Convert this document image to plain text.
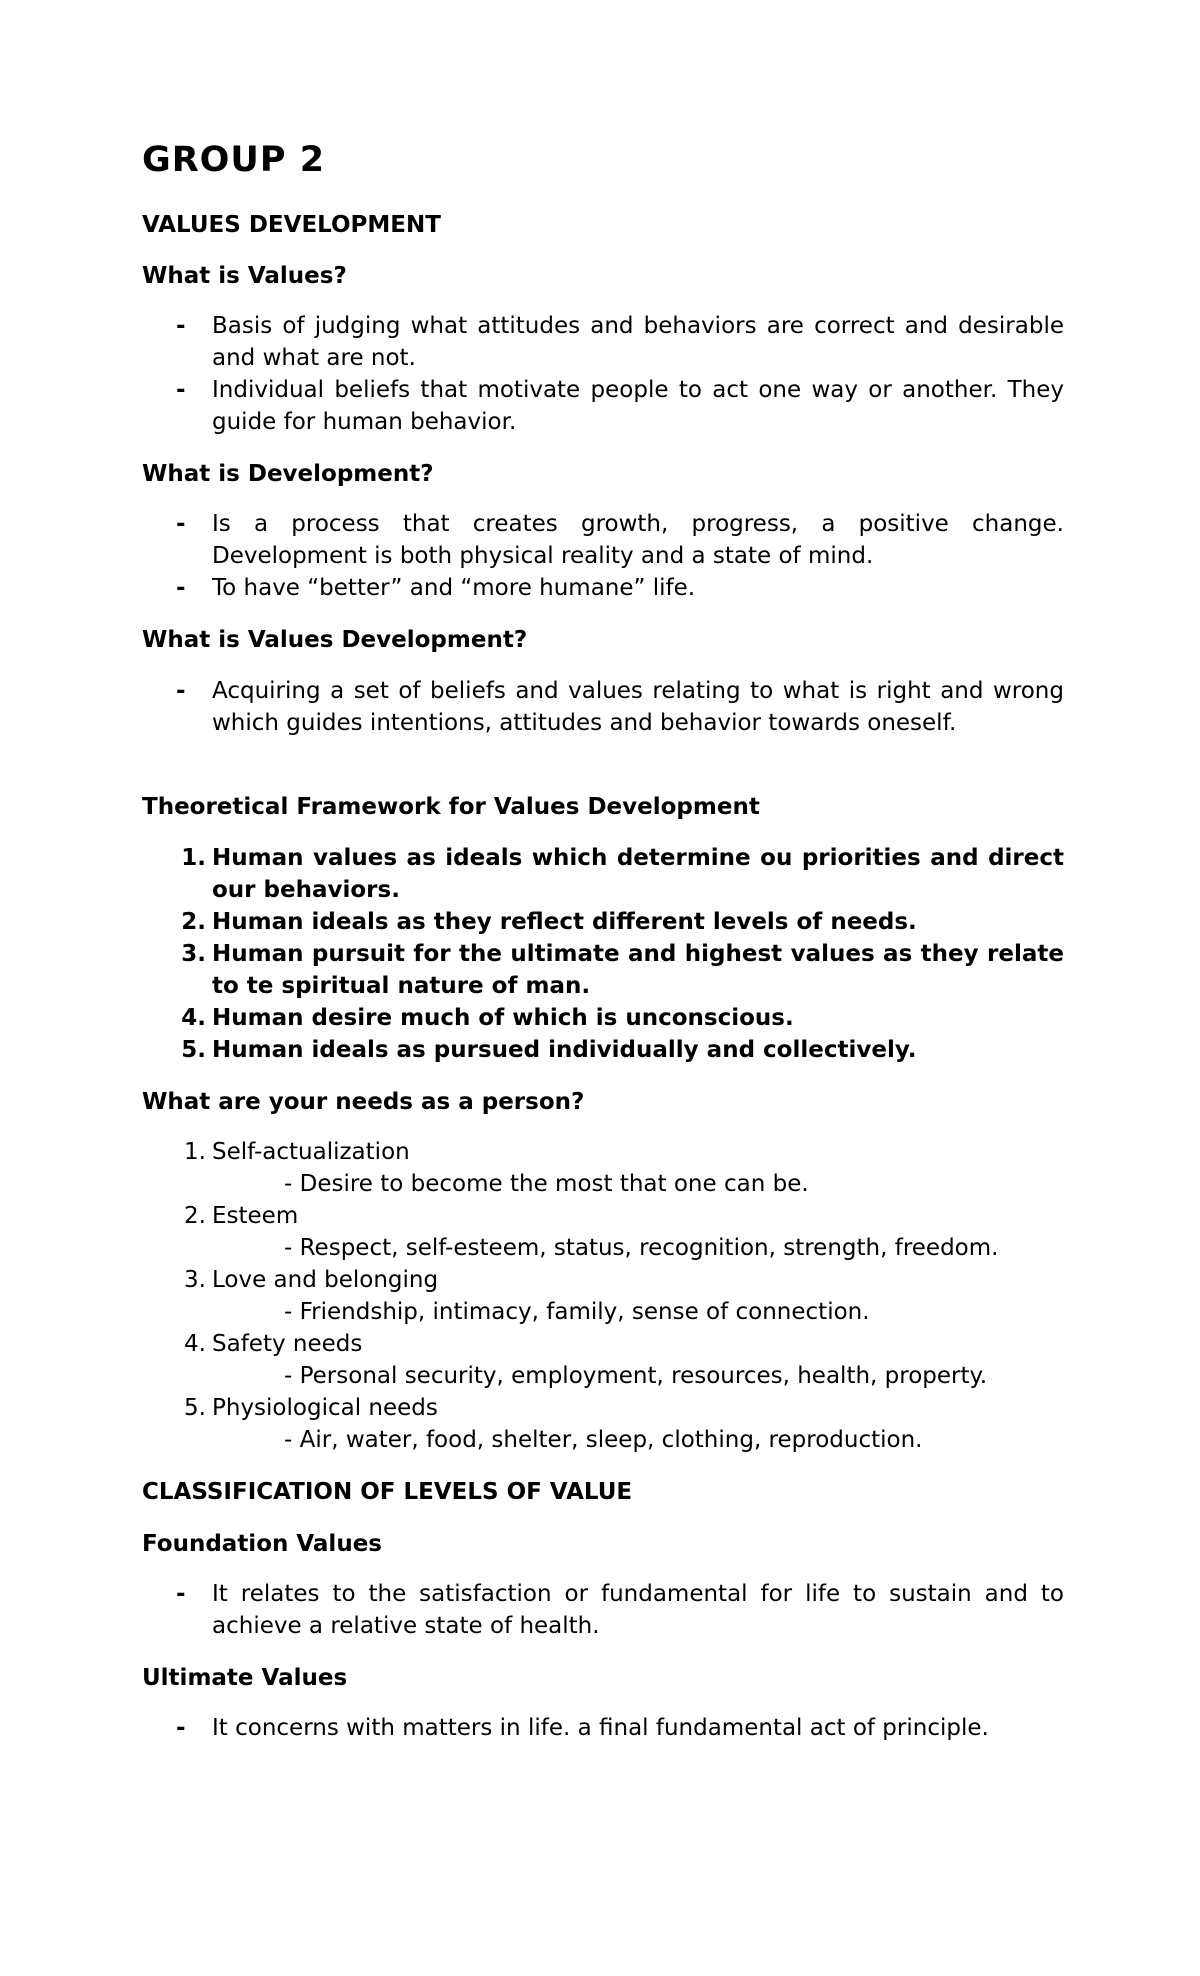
GROUP 2
VALUES DEVELOPMENT
What is Values?
- Basis of judging what attitudes and behaviors are correct and desirable and what are not.
- Individual beliefs that motivate people to act one way or another. They guide for human behavior.
What is Development?
- Is a process that creates growth, progress, a positive change. Development is both physical reality and a state of mind.
- To have “better” and “more humane” life.
What is Values Development?
- Acquiring a set of beliefs and values relating to what is right and wrong which guides intentions, attitudes and behavior towards oneself.
Theoretical Framework for Values Development
1. Human values as ideals which determine ou priorities and direct our behaviors.
2. Human ideals as they reflect different levels of needs.
3. Human pursuit for the ultimate and highest values as they relate to te spiritual nature of man.
4. Human desire much of which is unconscious.
5. Human ideals as pursued individually and collectively.
What are your needs as a person?
1. Self-actualization
- Desire to become the most that one can be.
2. Esteem
- Respect, self-esteem, status, recognition, strength, freedom.
3. Love and belonging
- Friendship, intimacy, family, sense of connection.
4. Safety needs
- Personal security, employment, resources, health, property.
5. Physiological needs
- Air, water, food, shelter, sleep, clothing, reproduction.
CLASSIFICATION OF LEVELS OF VALUE
Foundation Values
- It relates to the satisfaction or fundamental for life to sustain and to achieve a relative state of health.
Ultimate Values
- It concerns with matters in life. a final fundamental act of principle.
